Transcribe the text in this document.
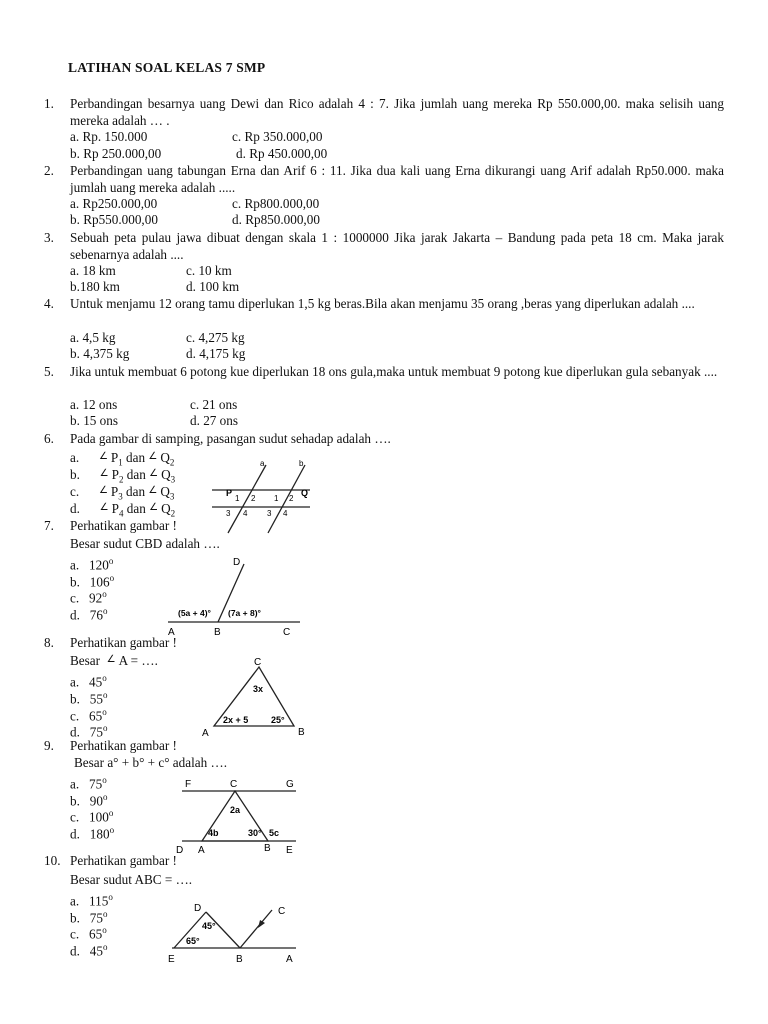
LATIHAN SOAL KELAS 7 SMP
1. Perbandingan besarnya uang Dewi dan Rico adalah 4 : 7. Jika jumlah uang mereka Rp 550.000,00. maka selisih uang mereka adalah … .
a. Rp. 150.000	c. Rp 350.000,00
b. Rp 250.000,00	d. Rp 450.000,00
2. Perbandingan uang tabungan Erna dan Arif 6 : 11. Jika dua kali uang Erna dikurangi uang Arif adalah Rp50.000. maka jumlah uang mereka adalah .....
a. Rp250.000,00	c. Rp800.000,00
b. Rp550.000,00	d. Rp850.000,00
3. Sebuah peta pulau jawa dibuat dengan skala 1 : 1000000 Jika jarak Jakarta – Bandung pada peta 18 cm. Maka jarak sebenarnya adalah ....
a. 18 km	c. 10 km
b.180 km	d. 100 km
4. Untuk menjamu 12 orang tamu diperlukan 1,5 kg beras.Bila akan menjamu 35 orang ,beras yang diperlukan adalah ....
a. 4,5 kg	c. 4,275 kg
b. 4,375 kg	d. 4,175 kg
5. Jika untuk membuat 6 potong kue diperlukan 18 ons gula,maka untuk membuat 9 potong kue diperlukan gula sebanyak ....
a. 12 ons	c. 21 ons
b. 15 ons	d. 27 ons
6. Pada gambar di samping, pasangan sudut sehadap adalah ….
a. ∠ $P_1$ dan ∠ $Q_2$
b. ∠ $P_2$ dan ∠ $Q_3$
c. ∠ $P_3$ dan ∠ $Q_3$
d. ∠ $P_4$ dan ∠ $Q_2$
a	b
P	Q
1 2 1 2
3 4 3 4
7. Perhatikan gambar !
Besar sudut CBD adalah ….
a. 120$^o$
b. 106$^o$
c. 92$^o$
d. 76$^o$
D
(5a + 4)° (7a + 8)°
A	B	C
8. Perhatikan gambar !
Besar ∠ A = ….
a. 45$^o$
b. 55$^o$
c. 65$^o$
d. 75$^o$
C
3x
2x + 5	25°
A	B
9. Perhatikan gambar !
Besar a° + b° + c° adalah ….
a. 75$^o$
b. 90$^o$
c. 100$^o$
d. 180$^o$
F	C	G
2a
4b	30° 5c
D A	B E
10. Perhatikan gambar !
Besar sudut ABC = ….
a. 115$^o$
b. 75$^o$
c. 65$^o$
d. 45$^o$
D	C
45°
65°
E	B	A
